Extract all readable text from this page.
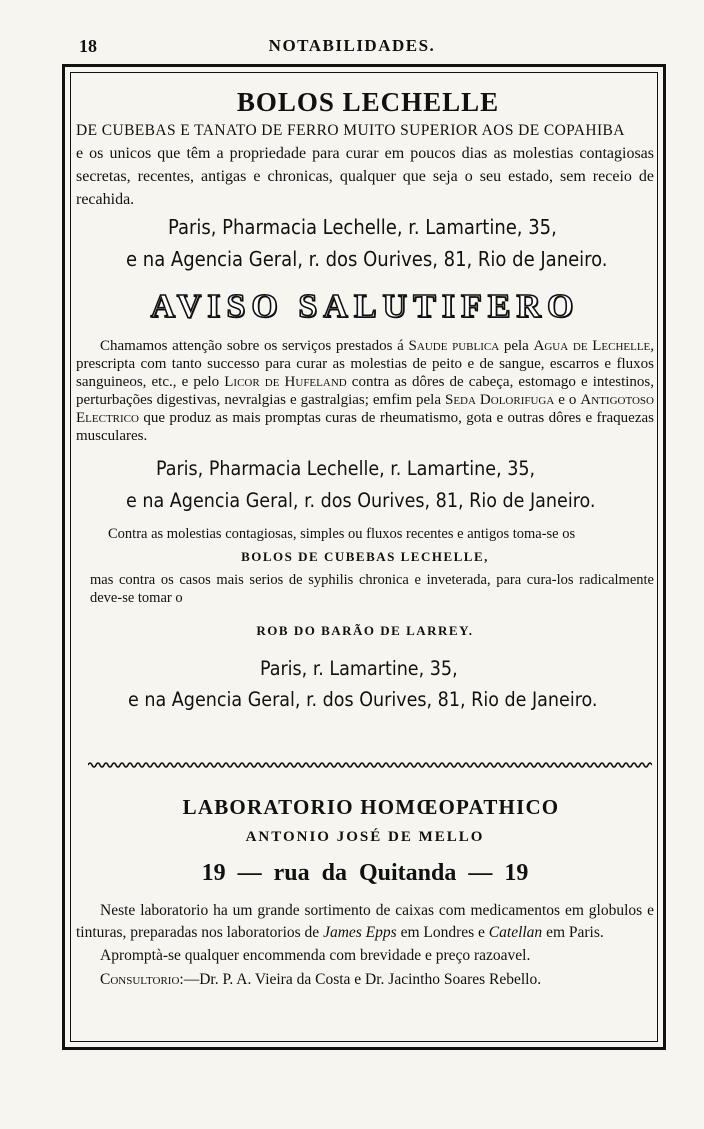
18	NOTABILIDADES.
BOLOS LECHELLE
DE CUBEBAS E TANATO DE FERRO MUITO SUPERIOR AOS DE COPAHIBA
e os unicos que têm a propriedade para curar em poucos dias as molestias contagiosas secretas, recentes, antigas e chronicas, qualquer que seja o seu estado, sem receio de recahida.
Paris, Pharmacia Lechelle, r. Lamartine, 35,
e na Agencia Geral, r. dos Ourives, 81, Rio de Janeiro.
AVISO SALUTIFERO
Chamamos attenção sobre os serviços prestados á Saude publica pela Agua de Lechelle, prescripta com tanto successo para curar as molestias de peito e de sangue, escarros e fluxos sanguineos, etc., e pelo Licor de Hufeland contra as dôres de cabeça, estomago e intestinos, perturbações digestivas, nevralgias e gastralgias; emfim pela Seda Dolorifuga e o Antigotoso Electrico que produz as mais promptas curas de rheumatismo, gota e outras dôres e fraquezas musculares.
Paris, Pharmacia Lechelle, r. Lamartine, 35,
e na Agencia Geral, r. dos Ourives, 81, Rio de Janeiro.
Contra as molestias contagiosas, simples ou fluxos recentes e antigos toma-se os
BOLOS DE CUBEBAS LECHELLE,
mas contra os casos mais serios de syphilis chronica e inveterada, para cura-los radicalmente deve-se tomar o
ROB DO BARÃO DE LARREY.
Paris, r. Lamartine, 35,
e na Agencia Geral, r. dos Ourives, 81, Rio de Janeiro.
LABORATORIO HOMŒOPATHICO
ANTONIO JOSÉ DE MELLO
19 — rua da Quitanda — 19
Neste laboratorio ha um grande sortimento de caixas com medicamentos em globulos e tinturas, preparadas nos laboratorios de James Epps em Londres e Catellan em Paris.
Apromptà-se qualquer encommenda com brevidade e preço razoavel.
Consultorio:—Dr. P. A. Vieira da Costa e Dr. Jacintho Soares Rebello.
